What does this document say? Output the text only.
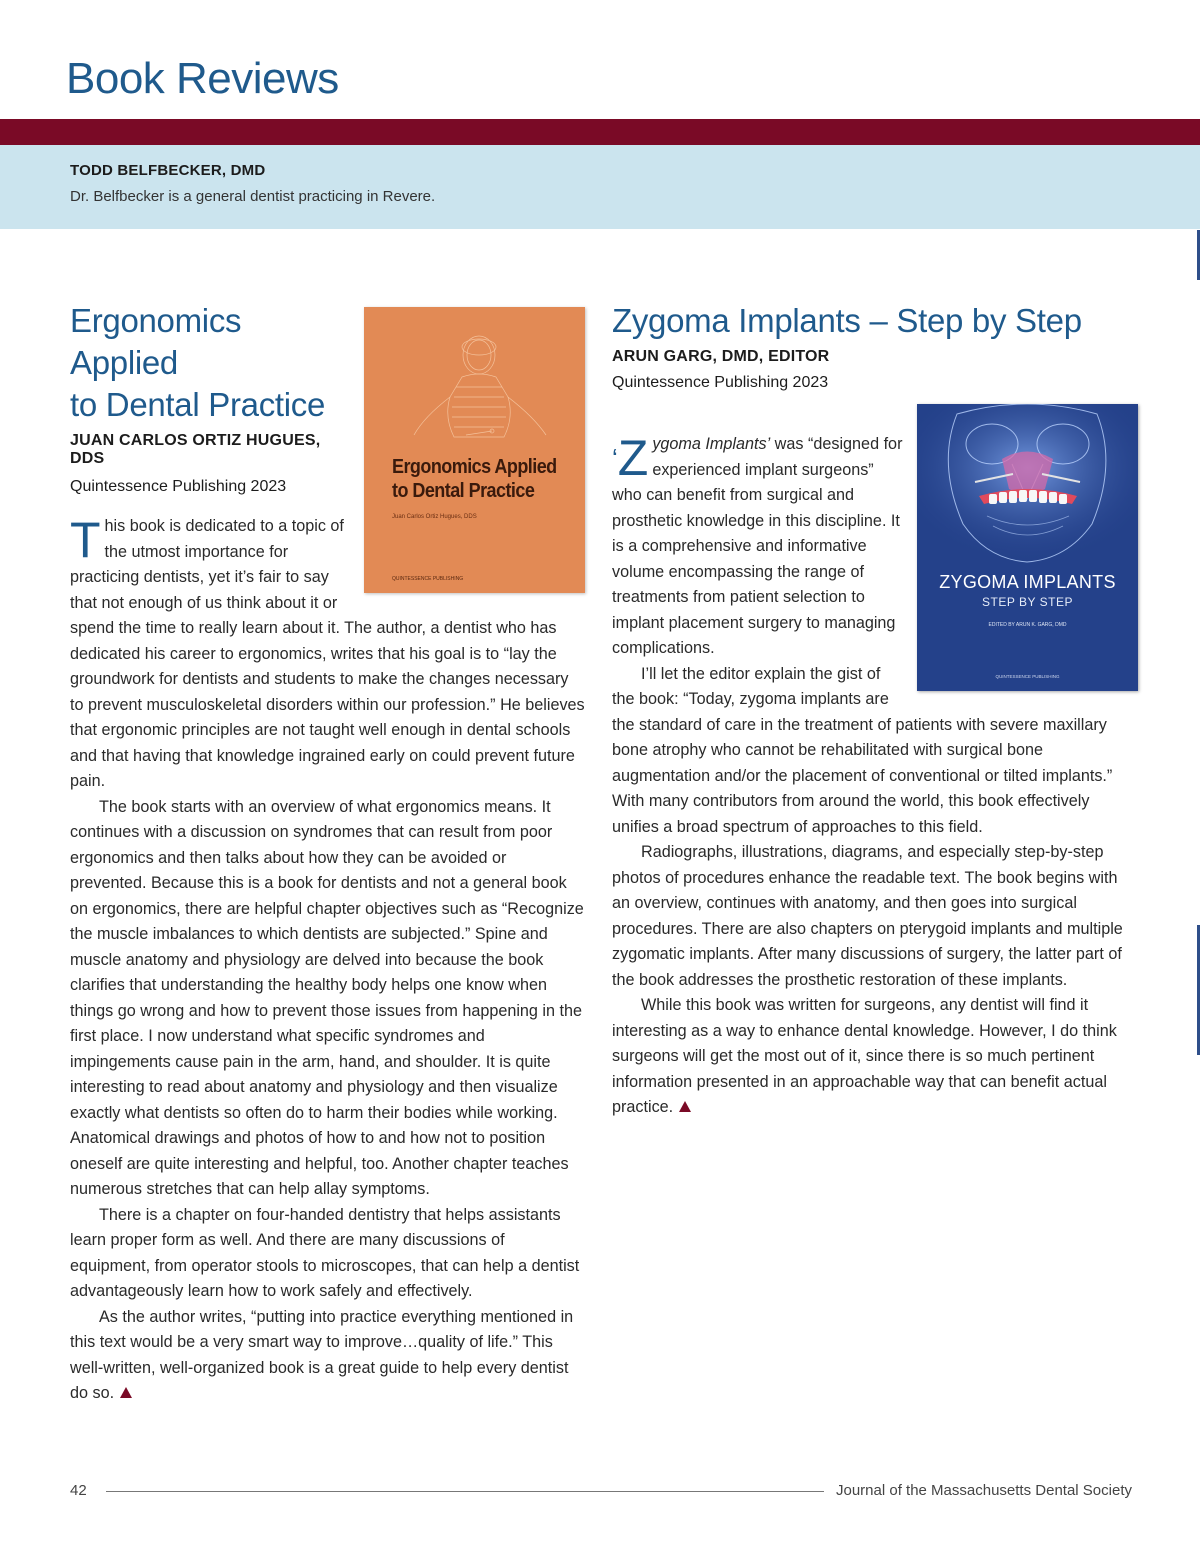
Book Reviews
TODD BELFBECKER, DMD
Dr. Belfbecker is a general dentist practicing in Revere.
Ergonomics Applied
to Dental Practice
Juan Carlos Ortiz Hugues, DDS
QUINTESSENCE PUBLISHING
Ergonomics Applied
to Dental Practice
JUAN CARLOS ORTIZ HUGUES, DDS
Quintessence Publishing 2023

This book is dedicated to a topic of the utmost importance for practicing dentists, yet it’s fair to say that not enough of us think about it or spend the time to really learn about it. The author, a dentist who has dedicated his career to ergonomics, writes that his goal is to “lay the groundwork for dentists and students to make the changes necessary to prevent musculoskeletal disorders within our profession.” He believes that ergonomic principles are not taught well enough in dental schools and that having that knowledge ingrained early on could prevent future pain.

The book starts with an overview of what ergonomics means. It continues with a discussion on syndromes that can result from poor ergonomics and then talks about how they can be avoided or prevented. Because this is a book for dentists and not a general book on ergonomics, there are helpful chapter objectives such as “Recognize the muscle imbalances to which dentists are subjected.” Spine and muscle anatomy and physiology are delved into because the book clarifies that understanding the healthy body helps one know when things go wrong and how to prevent those issues from happening in the first place. I now understand what specific syndromes and impingements cause pain in the arm, hand, and shoulder. It is quite interesting to read about anatomy and physiology and then visualize exactly what dentists so often do to harm their bodies while working. Anatomical drawings and photos of how to and how not to position oneself are quite interesting and helpful, too. Another chapter teaches numerous stretches that can help allay symptoms.

There is a chapter on four-handed dentistry that helps assistants learn proper form as well. And there are many discussions of equipment, from operator stools to microscopes, that can help a dentist advantageously learn how to work safely and effectively.

As the author writes, “putting into practice everything mentioned in this text would be a very smart way to improve…quality of life.” This well-written, well-organized book is a great guide to help every dentist do so.

Zygoma Implants – Step by Step
ARUN GARG, DMD, EDITOR
Quintessence Publishing 2023
ZYGOMA IMPLANTS
STEP BY STEP
EDITED BY ARUN K. GARG, DMD
QUINTESSENCE PUBLISHING

‘Z ygoma Implants’ was “designed for experienced implant surgeons” who can benefit from surgical and prosthetic knowledge in this discipline. It is a comprehensive and informative volume encompassing the range of treatments from patient selection to implant placement surgery to managing complications.

I’ll let the editor explain the gist of the book: “Today, zygoma implants are the standard of care in the treatment of patients with severe maxillary bone atrophy who cannot be rehabilitated with surgical bone augmentation and/or the placement of conventional or tilted implants.” With many contributors from around the world, this book effectively unifies a broad spectrum of approaches to this field.

Radiographs, illustrations, diagrams, and especially step-by-step photos of procedures enhance the readable text. The book begins with an overview, continues with anatomy, and then goes into surgical procedures. There are also chapters on pterygoid implants and multiple zygomatic implants. After many discussions of surgery, the latter part of the book addresses the prosthetic restoration of these implants.

While this book was written for surgeons, any dentist will find it interesting as a way to enhance dental knowledge. However, I do think surgeons will get the most out of it, since there is so much pertinent information presented in an approachable way that can benefit actual practice.

42	Journal of the Massachusetts Dental Society
